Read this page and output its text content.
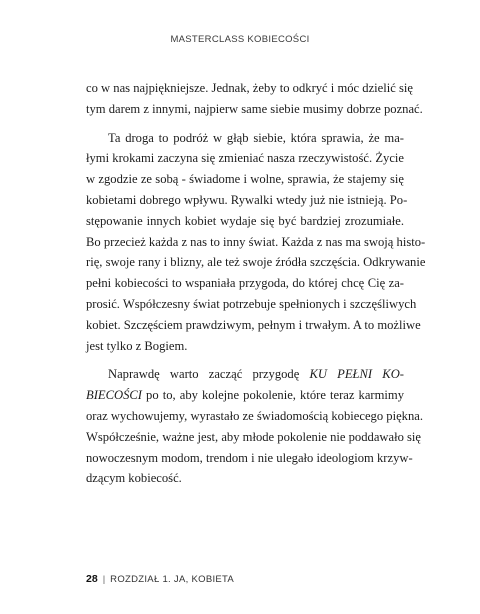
MASTERCLASS KOBIECOŚCI
co w nas najpiękniejsze. Jednak, żeby to odkryć i móc dzielić się
tym darem z innymi, najpierw same siebie musimy dobrze poznać.
Ta droga to podróż w głąb siebie, która sprawia, że ma-
łymi krokami zaczyna się zmieniać nasza rzeczywistość. Życie
w zgodzie ze sobą - świadome i wolne, sprawia, że stajemy się
kobietami dobrego wpływu. Rywalki wtedy już nie istnieją. Po-
stępowanie innych kobiet wydaje się być bardziej zrozumiałe.
Bo przecież każda z nas to inny świat. Każda z nas ma swoją histo-
rię, swoje rany i blizny, ale też swoje źródła szczęścia. Odkrywanie
pełni kobiecości to wspaniała przygoda, do której chcę Cię za-
prosić. Współczesny świat potrzebuje spełnionych i szczęśliwych
kobiet. Szczęściem prawdziwym, pełnym i trwałym. A to możliwe
jest tylko z Bogiem.
Naprawdę warto zacząć przygodę KU PEŁNI KO-
BIECOŚCI po to, aby kolejne pokolenie, które teraz karmimy
oraz wychowujemy, wyrastało ze świadomością kobiecego piękna.
Współcześnie, ważne jest, aby młode pokolenie nie poddawało się
nowoczesnym modom, trendom i nie ulegało ideologiom krzyw-
dzącym kobiecość.
28 | ROZDZIAŁ 1. JA, KOBIETA
